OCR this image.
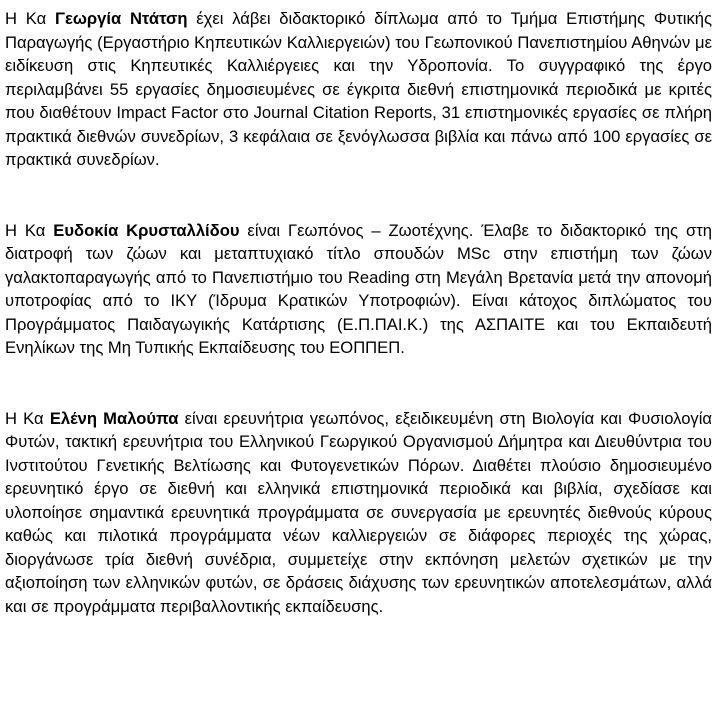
Η Κα Γεωργία Ντάτση έχει λάβει διδακτορικό δίπλωμα από το Τμήμα Επιστήμης Φυτικής Παραγωγής (Εργαστήριο Κηπευτικών Καλλιεργειών) του Γεωπονικού Πανεπιστημίου Αθηνών με ειδίκευση στις Κηπευτικές Καλλιέργειες και την Υδροπονία. Το συγγραφικό της έργο περιλαμβάνει 55 εργασίες δημοσιευμένες σε έγκριτα διεθνή επιστημονικά περιοδικά με κριτές που διαθέτουν Impact Factor στο Journal Citation Reports, 31 επιστημονικές εργασίες σε πλήρη πρακτικά διεθνών συνεδρίων, 3 κεφάλαια σε ξενόγλωσσα βιβλία και πάνω από 100 εργασίες σε πρακτικά συνεδρίων.

Η Κα Ευδοκία Κρυσταλλίδου είναι Γεωπόνος – Ζωοτέχνης. Έλαβε το διδακτορικό της στη διατροφή των ζώων και μεταπτυχιακό τίτλο σπουδών MSc στην επιστήμη των ζώων γαλακτοπαραγωγής από το Πανεπιστήμιο του Reading στη Μεγάλη Βρετανία μετά την απονομή υποτροφίας από το ΙΚΥ (Ίδρυμα Κρατικών Υποτροφιών). Είναι κάτοχος διπλώματος του Προγράμματος Παιδαγωγικής Κατάρτισης (Ε.Π.ΠΑΙ.Κ.) της ΑΣΠΑΙΤΕ και του Εκπαιδευτή Ενηλίκων της Μη Τυπικής Εκπαίδευσης του ΕΟΠΠΕΠ.

Η Κα Ελένη Μαλούπα είναι ερευνήτρια γεωπόνος, εξειδικευμένη στη Βιολογία και Φυσιολογία Φυτών, τακτική ερευνήτρια του Ελληνικού Γεωργικού Οργανισμού Δήμητρα και Διευθύντρια του Ινστιτούτου Γενετικής Βελτίωσης και Φυτογενετικών Πόρων. Διαθέτει πλούσιο δημοσιευμένο ερευνητικό έργο σε διεθνή και ελληνικά επιστημονικά περιοδικά και βιβλία, σχεδίασε και υλοποίησε σημαντικά ερευνητικά προγράμματα σε συνεργασία με ερευνητές διεθνούς κύρους καθώς και πιλοτικά προγράμματα νέων καλλιεργειών σε διάφορες περιοχές της χώρας, διοργάνωσε τρία διεθνή συνέδρια, συμμετείχε στην εκπόνηση μελετών σχετικών με την αξιοποίηση των ελληνικών φυτών, σε δράσεις διάχυσης των ερευνητικών αποτελεσμάτων, αλλά και σε προγράμματα περιβαλλοντικής εκπαίδευσης.
